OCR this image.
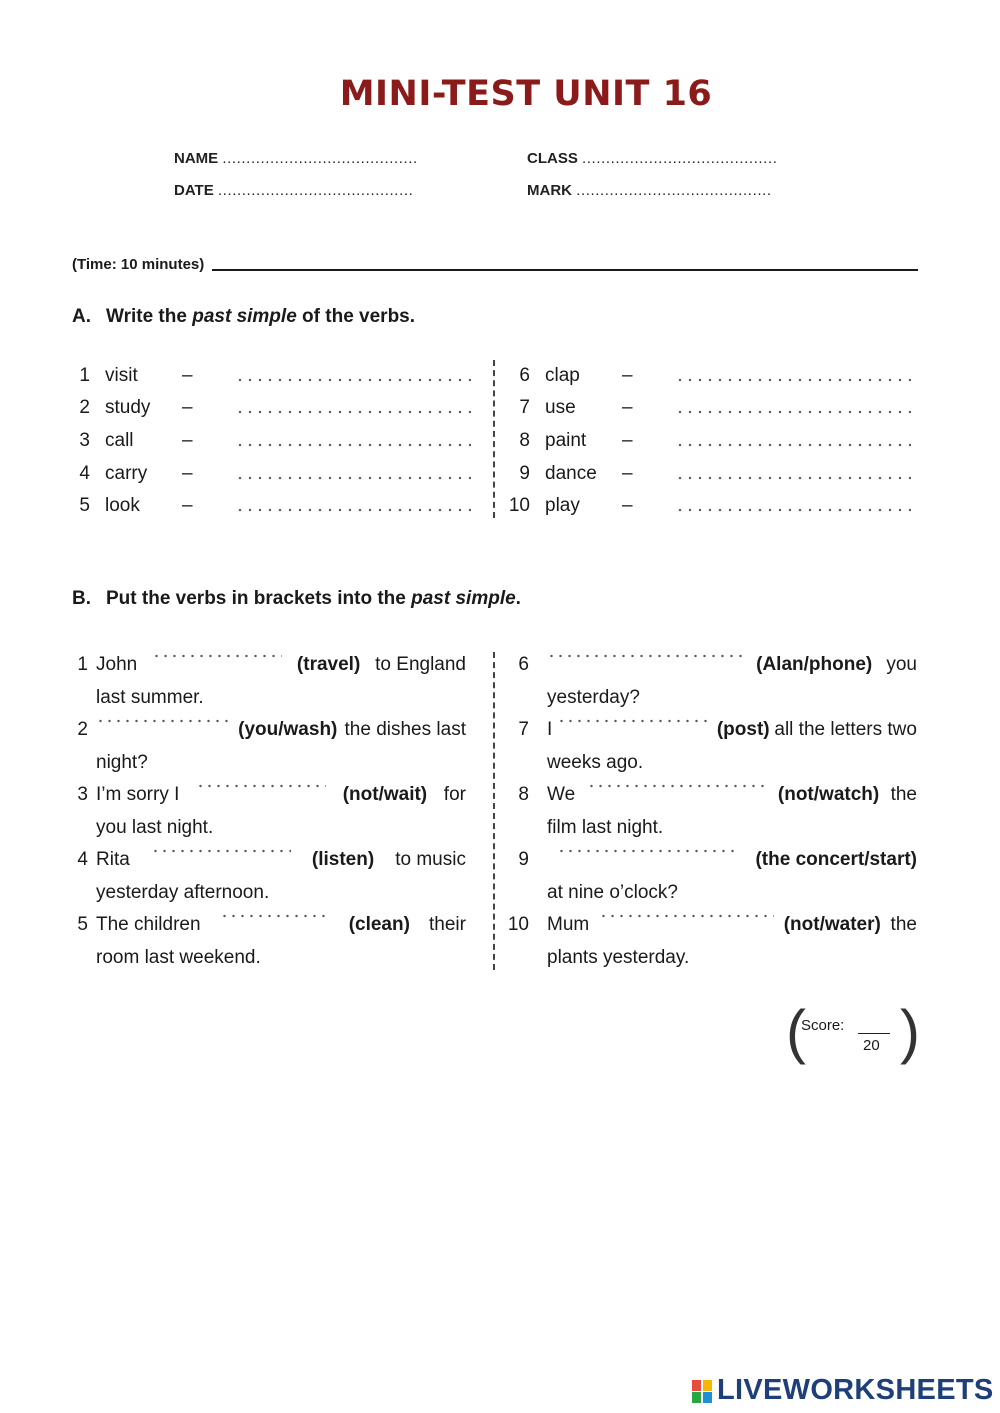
MINI-TEST UNIT 16
NAME .........................................	CLASS .........................................
DATE .........................................	MARK .........................................
(Time: 10 minutes)
A. Write the past simple of the verbs.
1 visit –
2 study –
3 call	–
4 carry –
5 look –
6 clap –
7 use –
8 paint –
9 dance –
10 play –
B. Put the verbs in brackets into the past simple.
1 John	(travel) to England
last summer.
2	(you/wash) the dishes last
night?
3 I’m sorry I	(not/wait) for
you last night.
4 Rita	(listen) to music
yesterday afternoon.
5 The children	(clean) their
room last weekend.
6	(Alan/phone) you
yesterday?
7 I	(post) all the letters two
weeks ago.
8 We	(not/watch) the
film last night.
9	(the concert/start)
at nine o’clock?
10 Mum	(not/water) the
plants yesterday.
(
Score:
20 )
LIVEWORKSHEETS
